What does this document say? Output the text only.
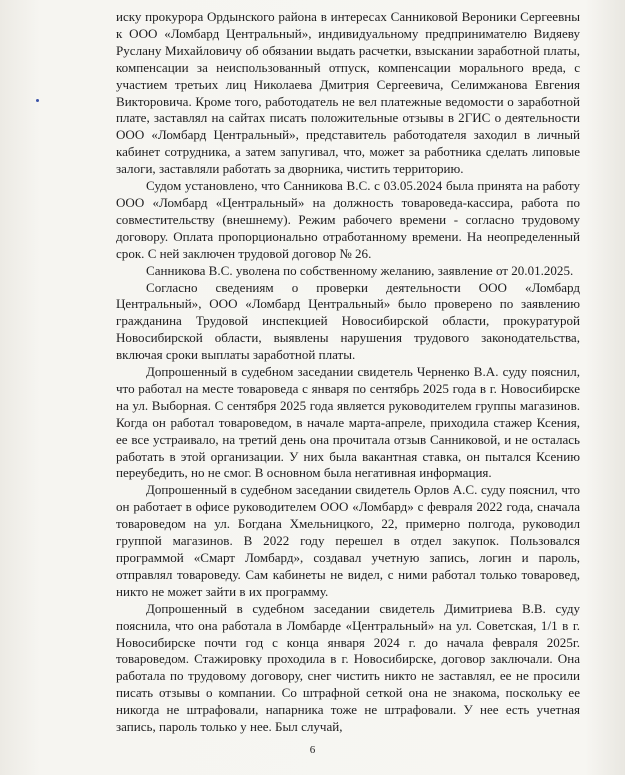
иску прокурора Ордынского района в интересах Санниковой Вероники Сергеевны к ООО «Ломбард Центральный», индивидуальному предпринимателю Видяеву Руслану Михайловичу об обязании выдать расчетки, взыскании заработной платы, компенсации за неиспользованный отпуск, компенсации морального вреда, с участием третьих лиц Николаева Дмитрия Сергеевича, Селимжанова Евгения Викторовича. Кроме того, работодатель не вел платежные ведомости о заработной плате, заставлял на сайтах писать положительные отзывы в 2ГИС о деятельности ООО «Ломбард Центральный», представитель работодателя заходил в личный кабинет сотрудника, а затем запугивал, что, может за работника сделать липовые залоги, заставляли работать за дворника, чистить территорию.

Судом установлено, что Санникова В.С. с 03.05.2024 была принята на работу ООО «Ломбард «Центральный» на должность товароведа-кассира, работа по совместительству (внешнему). Режим рабочего времени - согласно трудовому договору. Оплата пропорционально отработанному времени. На неопределенный срок. С ней заключен трудовой договор № 26.

Санникова В.С. уволена по собственному желанию, заявление от 20.01.2025.

Согласно сведениям о проверки деятельности ООО «Ломбард Центральный», ООО «Ломбард Центральный» было проверено по заявлению гражданина Трудовой инспекцией Новосибирской области, прокуратурой Новосибирской области, выявлены нарушения трудового законодательства, включая сроки выплаты заработной платы.

Допрошенный в судебном заседании свидетель Черненко В.А. суду пояснил, что работал на месте товароведа с января по сентябрь 2025 года в г. Новосибирске на ул. Выборная. С сентября 2025 года является руководителем группы магазинов. Когда он работал товароведом, в начале марта-апреле, приходила стажер Ксения, ее все устраивало, на третий день она прочитала отзыв Санниковой, и не осталась работать в этой организации. У них была вакантная ставка, он пытался Ксению переубедить, но не смог. В основном была негативная информация.

Допрошенный в судебном заседании свидетель Орлов А.С. суду пояснил, что он работает в офисе руководителем ООО «Ломбард» с февраля 2022 года, сначала товароведом на ул. Богдана Хмельницкого, 22, примерно полгода, руководил группой магазинов. В 2022 году перешел в отдел закупок. Пользовался программой «Смарт Ломбард», создавал учетную запись, логин и пароль, отправлял товароведу. Сам кабинеты не видел, с ними работал только товаровед, никто не может зайти в их программу.

Допрошенный в судебном заседании свидетель Димитриева В.В. суду пояснила, что она работала в Ломбарде «Центральный» на ул. Советская, 1/1 в г. Новосибирске почти год с конца января 2024 г. до начала февраля 2025г. товароведом. Стажировку проходила в г. Новосибирске, договор заключали. Она работала по трудовому договору, снег чистить никто не заставлял, ее не просили писать отзывы о компании. Со штрафной сеткой она не знакома, поскольку ее никогда не штрафовали, напарника тоже не штрафовали. У нее есть учетная запись, пароль только у нее. Был случай,

6
